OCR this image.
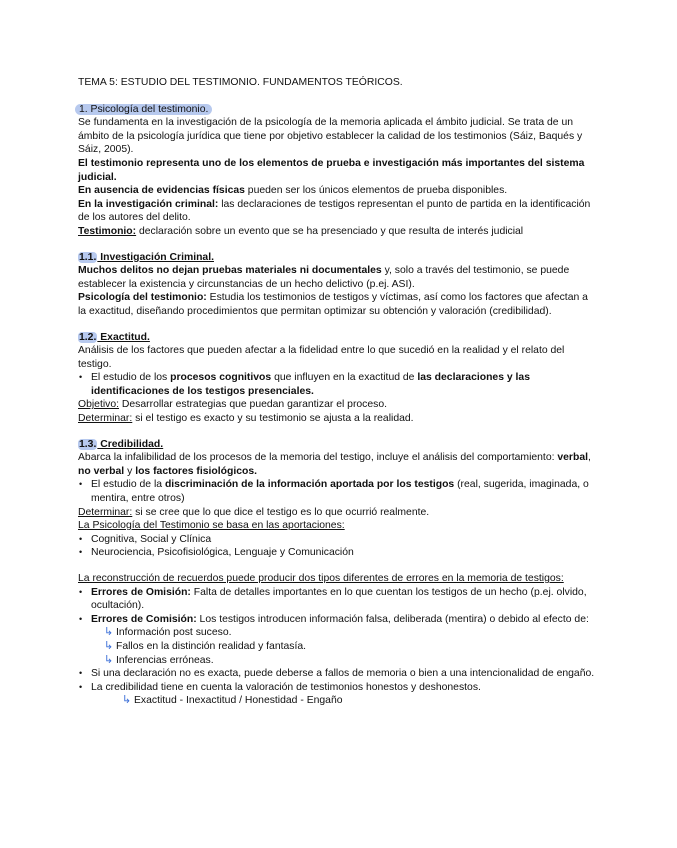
TEMA 5: ESTUDIO DEL TESTIMONIO. FUNDAMENTOS TEÓRICOS.

1. Psicología del testimonio.

Se fundamenta en la investigación de la psicología de la memoria aplicada el ámbito judicial. Se trata de un ámbito de la psicología jurídica que tiene por objetivo establecer la calidad de los testimonios (Sáiz, Baqués y Sáiz, 2005).

El testimonio representa uno de los elementos de prueba e investigación más importantes del sistema judicial.

En ausencia de evidencias físicas pueden ser los únicos elementos de prueba disponibles.

En la investigación criminal: las declaraciones de testigos representan el punto de partida en la identificación de los autores del delito.

Testimonio: declaración sobre un evento que se ha presenciado y que resulta de interés judicial

1.1. Investigación Criminal.

Muchos delitos no dejan pruebas materiales ni documentales y, solo a través del testimonio, se puede establecer la existencia y circunstancias de un hecho delictivo (p.ej. ASI).

Psicología del testimonio: Estudia los testimonios de testigos y víctimas, así como los factores que afectan a la exactitud, diseñando procedimientos que permitan optimizar su obtención y valoración (credibilidad).

1.2. Exactitud.

Análisis de los factores que pueden afectar a la fidelidad entre lo que sucedió en la realidad y el relato del testigo.

• El estudio de los procesos cognitivos que influyen en la exactitud de las declaraciones y las identificaciones de los testigos presenciales.

Objetivo: Desarrollar estrategias que puedan garantizar el proceso.

Determinar: si el testigo es exacto y su testimonio se ajusta a la realidad.

1.3. Credibilidad.

Abarca la infalibilidad de los procesos de la memoria del testigo, incluye el análisis del comportamiento: verbal, no verbal y los factores fisiológicos.

• El estudio de la discriminación de la información aportada por los testigos (real, sugerida, imaginada, o mentira, entre otros)

Determinar: si se cree que lo que dice el testigo es lo que ocurrió realmente.

La Psicología del Testimonio se basa en las aportaciones:

• Cognitiva, Social y Clínica
• Neurociencia, Psicofisiológica, Lenguaje y Comunicación

La reconstrucción de recuerdos puede producir dos tipos diferentes de errores en la memoria de testigos:

• Errores de Omisión: Falta de detalles importantes en lo que cuentan los testigos de un hecho (p.ej. olvido, ocultación).
• Errores de Comisión: Los testigos introducen información falsa, deliberada (mentira) o debido al efecto de:
↳ Información post suceso.
↳ Fallos en la distinción realidad y fantasía.
↳ Inferencias erróneas.
• Si una declaración no es exacta, puede deberse a fallos de memoria o bien a una intencionalidad de engaño.
• La credibilidad tiene en cuenta la valoración de testimonios honestos y deshonestos.
↳ Exactitud - Inexactitud / Honestidad - Engaño
